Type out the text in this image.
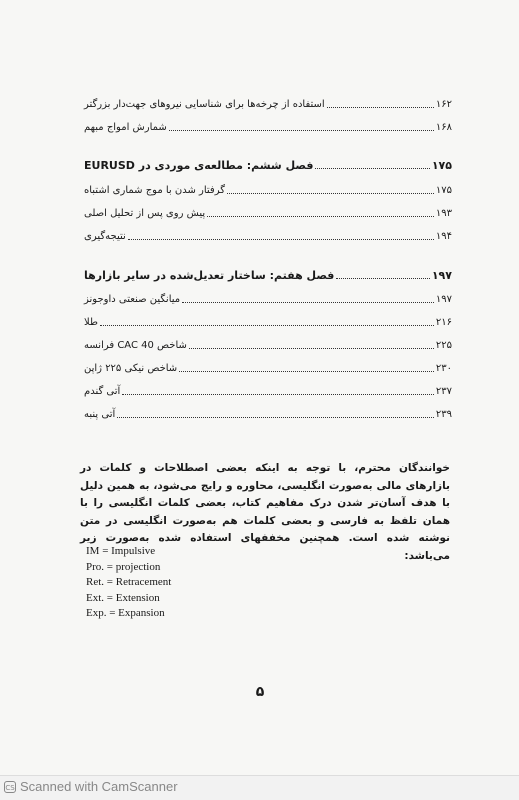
استفاده از چرخه‌ها برای شناسایی نیروهای جهت‌دار بزرگتر	۱۶۲
شمارش امواج مبهم	۱۶۸
فصل ششم: مطالعه‌ی موردی در EURUSD	۱۷۵
گرفتار شدن با موج شماری اشتباه	۱۷۵
پیش روی پس از تحلیل اصلی	۱۹۳
نتیجه‌گیری	۱۹۴
فصل هفتم: ساختار تعدیل‌شده در سایر بازارها	۱۹۷
میانگین صنعتی داوجونز	۱۹۷
طلا	۲۱۶
شاخص CAC 40 فرانسه	۲۲۵
شاخص نیکی ۲۲۵ ژاپن	۲۳۰
آتی گندم	۲۳۷
آتی پنبه	۲۳۹
خوانندگان محترم، با توجه به اینکه بعضی اصطلاحات و کلمات در بازارهای مالی به‌صورت انگلیسی، محاوره و رایج می‌شود، به همین دلیل با هدف آسان‌تر شدن درک مفاهیم کتاب، بعضی کلمات انگلیسی را با همان تلفظ به فارسی و بعضی کلمات هم به‌صورت انگلیسی در متن نوشته شده است. همچنین مخففهای استفاده شده به‌صورت زیر می‌باشد:
IM = Impulsive
Pro. = projection
Ret. = Retracement
Ext. = Extension
Exp. = Expansion
۵
CS Scanned with CamScanner
